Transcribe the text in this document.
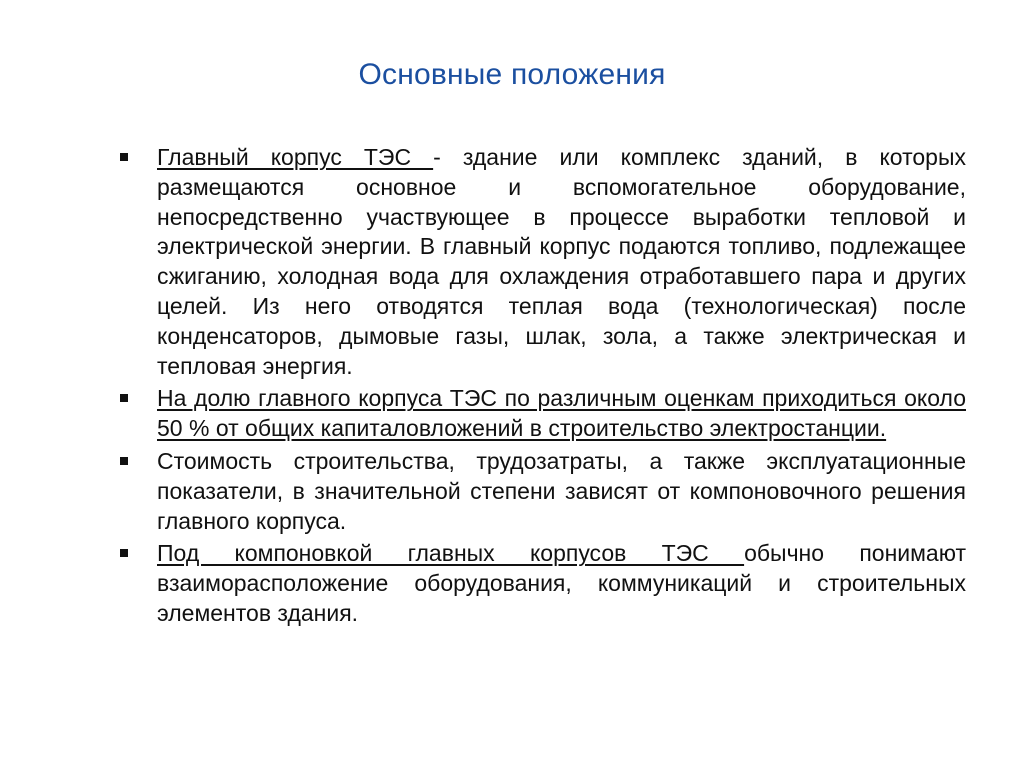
Основные положения
Главный корпус ТЭС - здание или комплекс зданий, в которых размещаются основное и вспомогательное оборудование, непосредственно участвующее в процессе выработки тепловой и электрической энергии. В главный корпус подаются топливо, подлежащее сжиганию, холодная вода для охлаждения отработавшего пара и других целей. Из него отводятся теплая вода (технологическая) после конденсаторов, дымовые газы, шлак, зола, а также электрическая и тепловая энергия.
На долю главного корпуса ТЭС по различным оценкам приходиться около 50 % от общих капиталовложений в строительство электростанции.
Стоимость строительства, трудозатраты, а также эксплуатационные показатели, в значительной степени зависят от компоновочного решения главного корпуса.
Под компоновкой главных корпусов ТЭС обычно понимают взаиморасположение оборудования, коммуникаций и строительных элементов здания.
